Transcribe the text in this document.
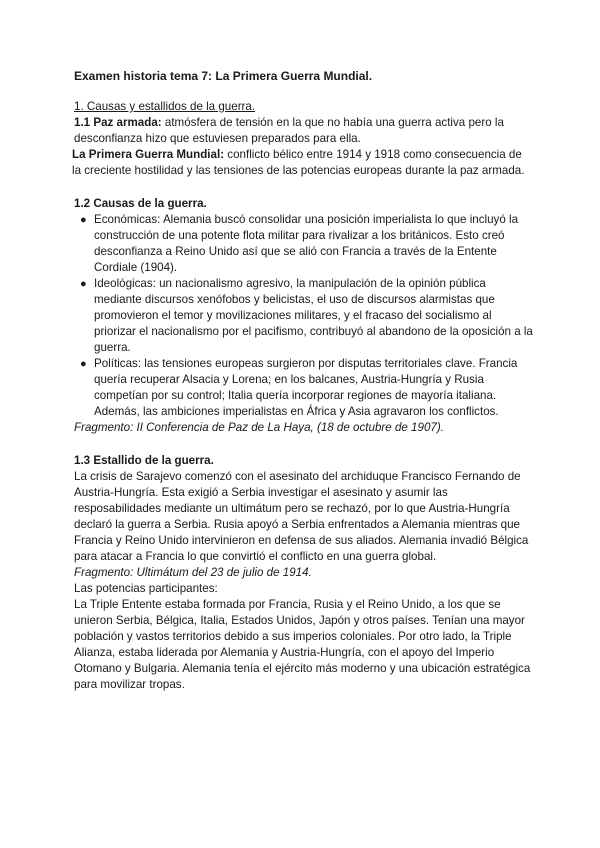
Examen historia tema 7: La Primera Guerra Mundial.

1. Causas y estallidos de la guerra.

1.1 Paz armada: atmósfera de tensión en la que no había una guerra activa pero la desconfianza hizo que estuviesen preparados para ella.

La Primera Guerra Mundial: conflicto bélico entre 1914 y 1918 como consecuencia de la creciente hostilidad y las tensiones de las potencias europeas durante la paz armada.

1.2 Causas de la guerra.

● Económicas: Alemania buscó consolidar una posición imperialista lo que incluyó la construcción de una potente flota militar para rivalizar a los británicos. Esto creó desconfianza a Reino Unido así que se alió con Francia a través de la Entente Cordiale (1904).
● Ideológicas: un nacionalismo agresivo, la manipulación de la opinión pública mediante discursos xenófobos y belicistas, el uso de discursos alarmistas que promovieron el temor y movilizaciones militares, y el fracaso del socialismo al priorizar el nacionalismo por el pacifismo, contribuyó al abandono de la oposición a la guerra.
● Políticas: las tensiones europeas surgieron por disputas territoriales clave. Francia quería recuperar Alsacia y Lorena; en los balcanes, Austria-Hungría y Rusia competían por su control; Italia quería incorporar regiones de mayoría italiana. Además, las ambiciones imperialistas en África y Asia agravaron los conflictos.

Fragmento: II Conferencia de Paz de La Haya, (18 de octubre de 1907).

1.3 Estallido de la guerra.

La crisis de Sarajevo comenzó con el asesinato del archiduque Francisco Fernando de Austria-Hungría. Esta exigió a Serbia investigar el asesinato y asumir las resposabilidades mediante un ultimátum pero se rechazó, por lo que Austria-Hungría declaró la guerra a Serbia. Rusia apoyó a Serbia enfrentados a Alemania mientras que Francia y Reino Unido intervinieron en defensa de sus aliados. Alemania invadió Bélgica para atacar a Francia lo que convirtió el conflicto en una guerra global.

Fragmento: Ultimátum del 23 de julio de 1914.

Las potencias participantes:

La Triple Entente estaba formada por Francia, Rusia y el Reino Unido, a los que se unieron Serbia, Bélgica, Italia, Estados Unidos, Japón y otros países. Tenían una mayor población y vastos territorios debido a sus imperios coloniales. Por otro lado, la Triple Alianza, estaba liderada por Alemania y Austria-Hungría, con el apoyo del Imperio Otomano y Bulgaria. Alemania tenía el ejército más moderno y una ubicación estratégica para movilizar tropas.
